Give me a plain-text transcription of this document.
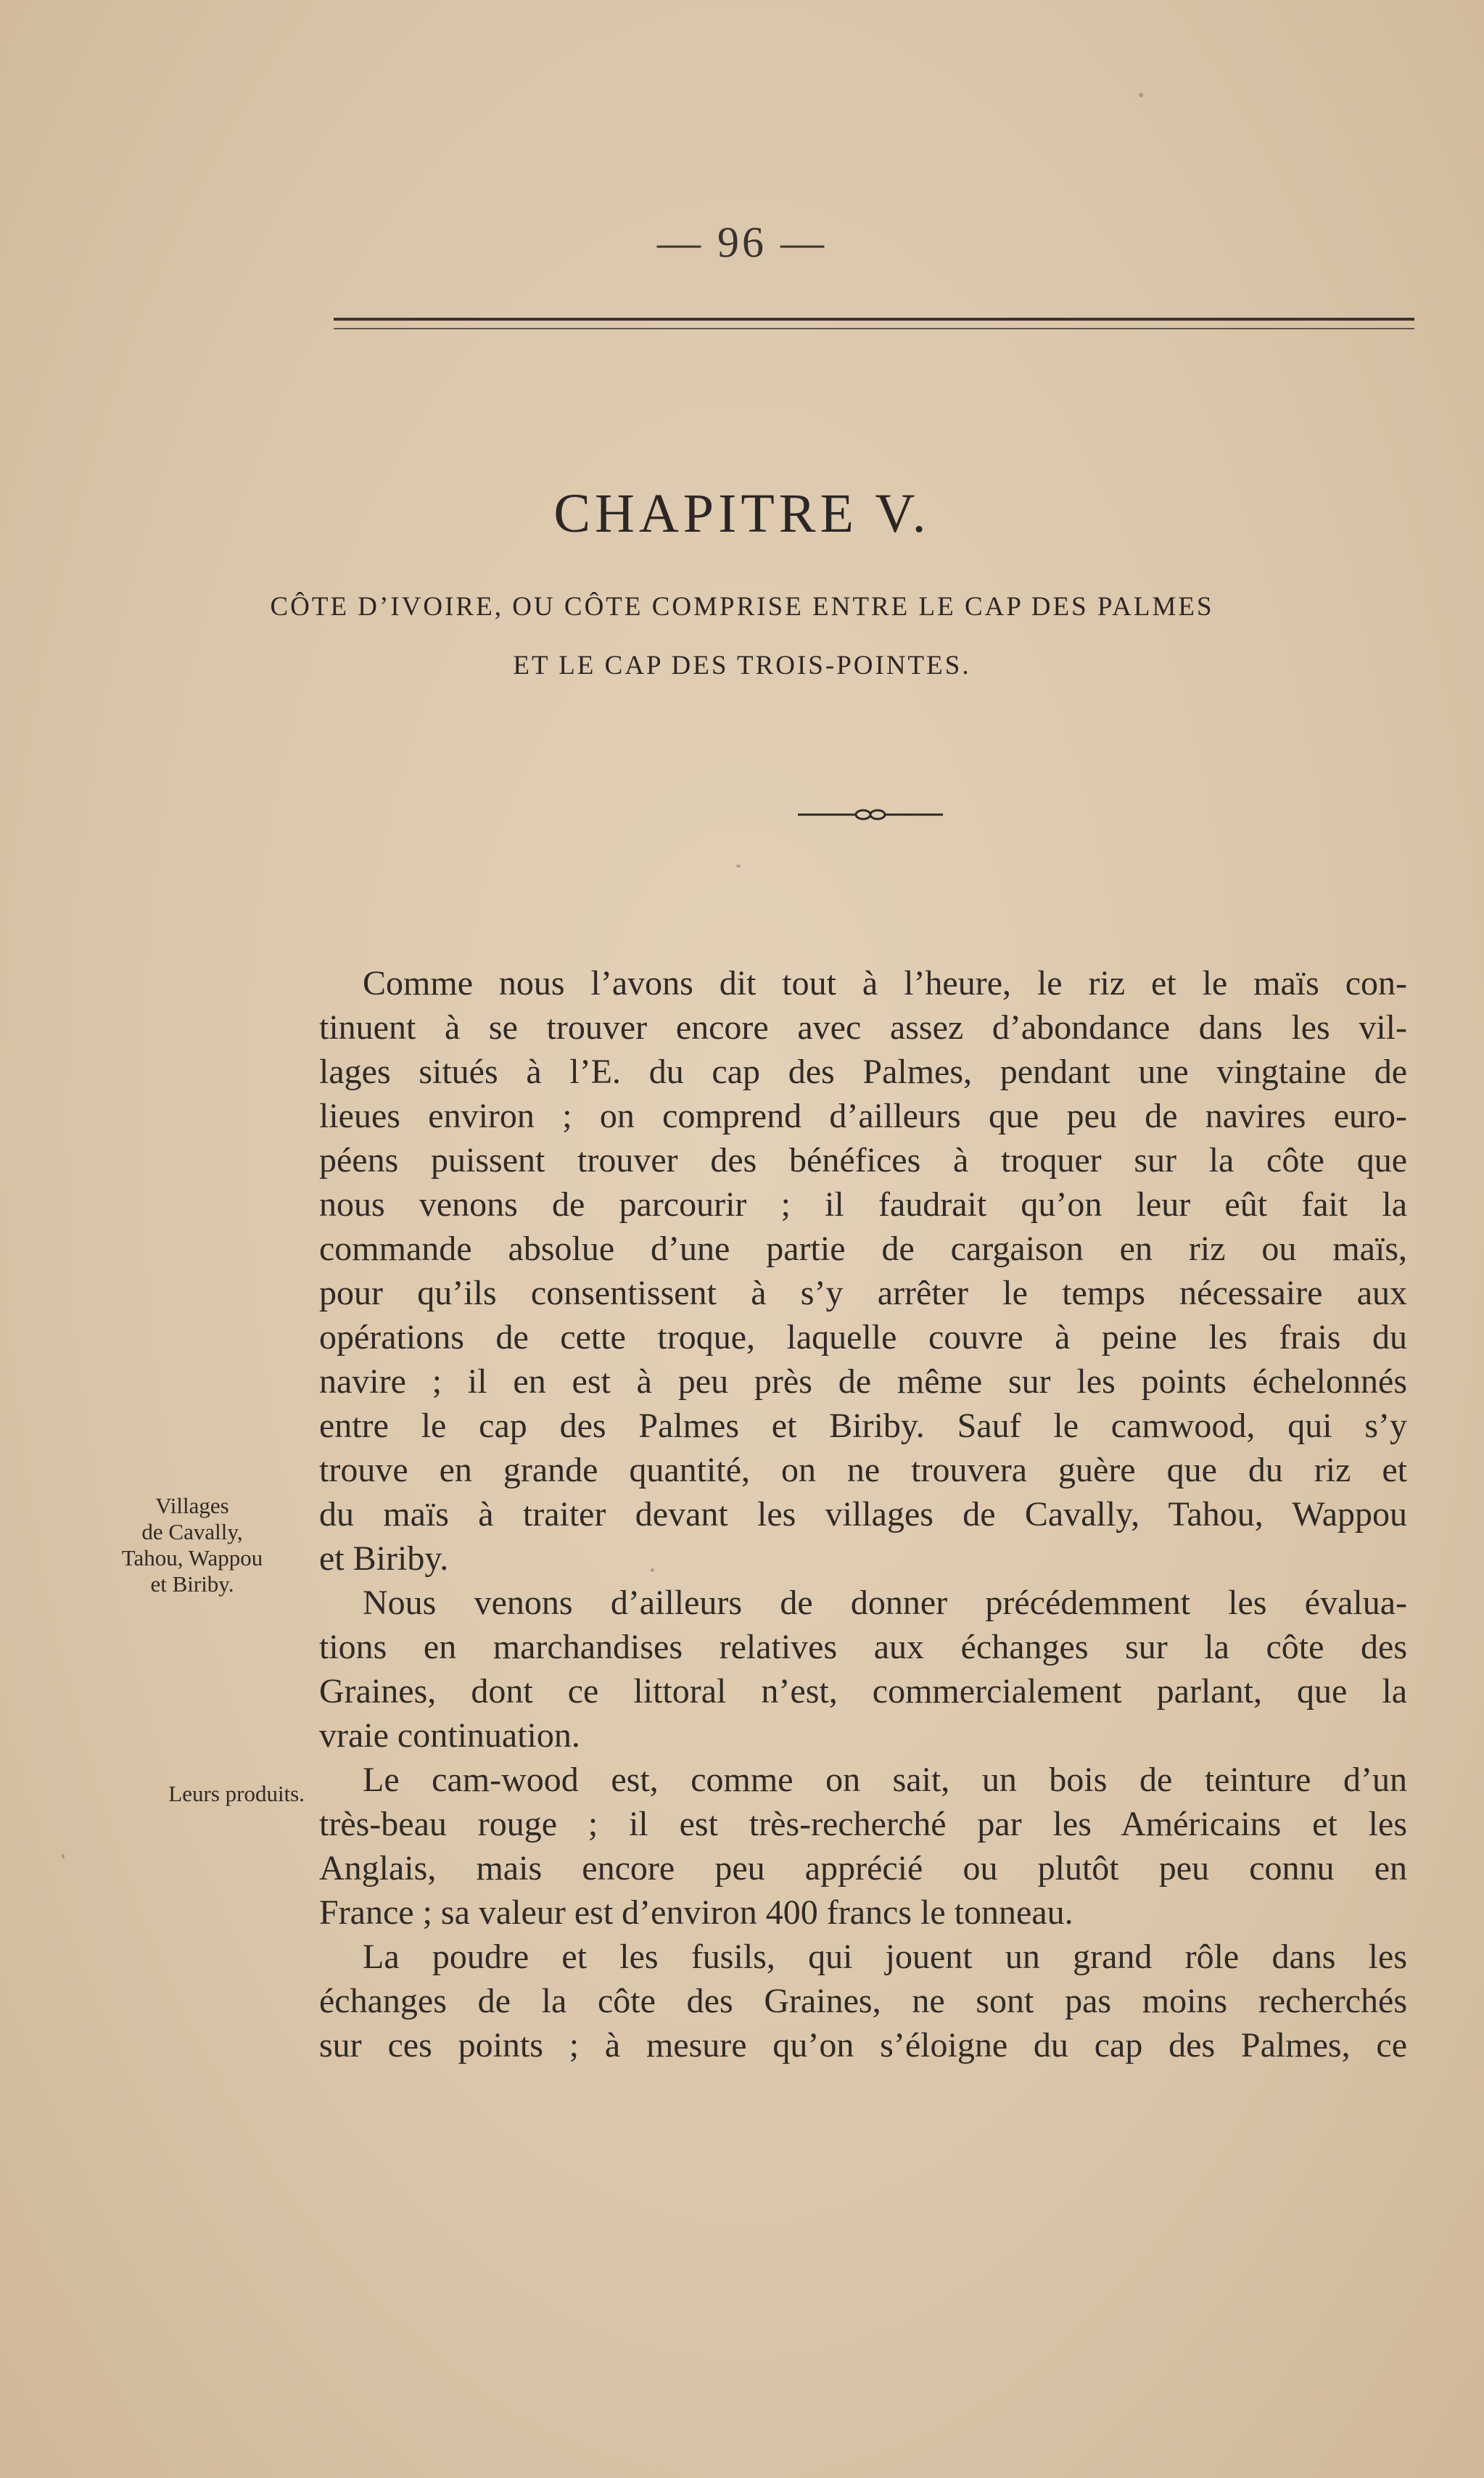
— 96 —
CHAPITRE V.
CÔTE D’IVOIRE, OU CÔTE COMPRISE ENTRE LE CAP DES PALMES
ET LE CAP DES TROIS-POINTES.
Comme nous l’avons dit tout à l’heure, le riz et le maïs con-
tinuent à se trouver encore avec assez d’abondance dans les vil-
lages situés à l’E. du cap des Palmes, pendant une vingtaine de
lieues environ ; on comprend d’ailleurs que peu de navires euro-
péens puissent trouver des bénéfices à troquer sur la côte que
nous venons de parcourir ; il faudrait qu’on leur eût fait la
commande absolue d’une partie de cargaison en riz ou maïs,
pour qu’ils consentissent à s’y arrêter le temps nécessaire aux
opérations de cette troque, laquelle couvre à peine les frais du
navire ; il en est à peu près de même sur les points échelonnés
entre le cap des Palmes et Biriby. Sauf le camwood, qui s’y
trouve en grande quantité, on ne trouvera guère que du riz et
du maïs à traiter devant les villages de Cavally, Tahou, Wappou
et Biriby.
Nous venons d’ailleurs de donner précédemment les évalua-
tions en marchandises relatives aux échanges sur la côte des
Graines, dont ce littoral n’est, commercialement parlant, que la
vraie continuation.
Le cam-wood est, comme on sait, un bois de teinture d’un
très-beau rouge ; il est très-recherché par les Américains et les
Anglais, mais encore peu apprécié ou plutôt peu connu en
France ; sa valeur est d’environ 400 francs le tonneau.
La poudre et les fusils, qui jouent un grand rôle dans les
échanges de la côte des Graines, ne sont pas moins recherchés
sur ces points ; à mesure qu’on s’éloigne du cap des Palmes, ce
Villages
de Cavally,
Tahou, Wappou
et Biriby.
Leurs produits.
